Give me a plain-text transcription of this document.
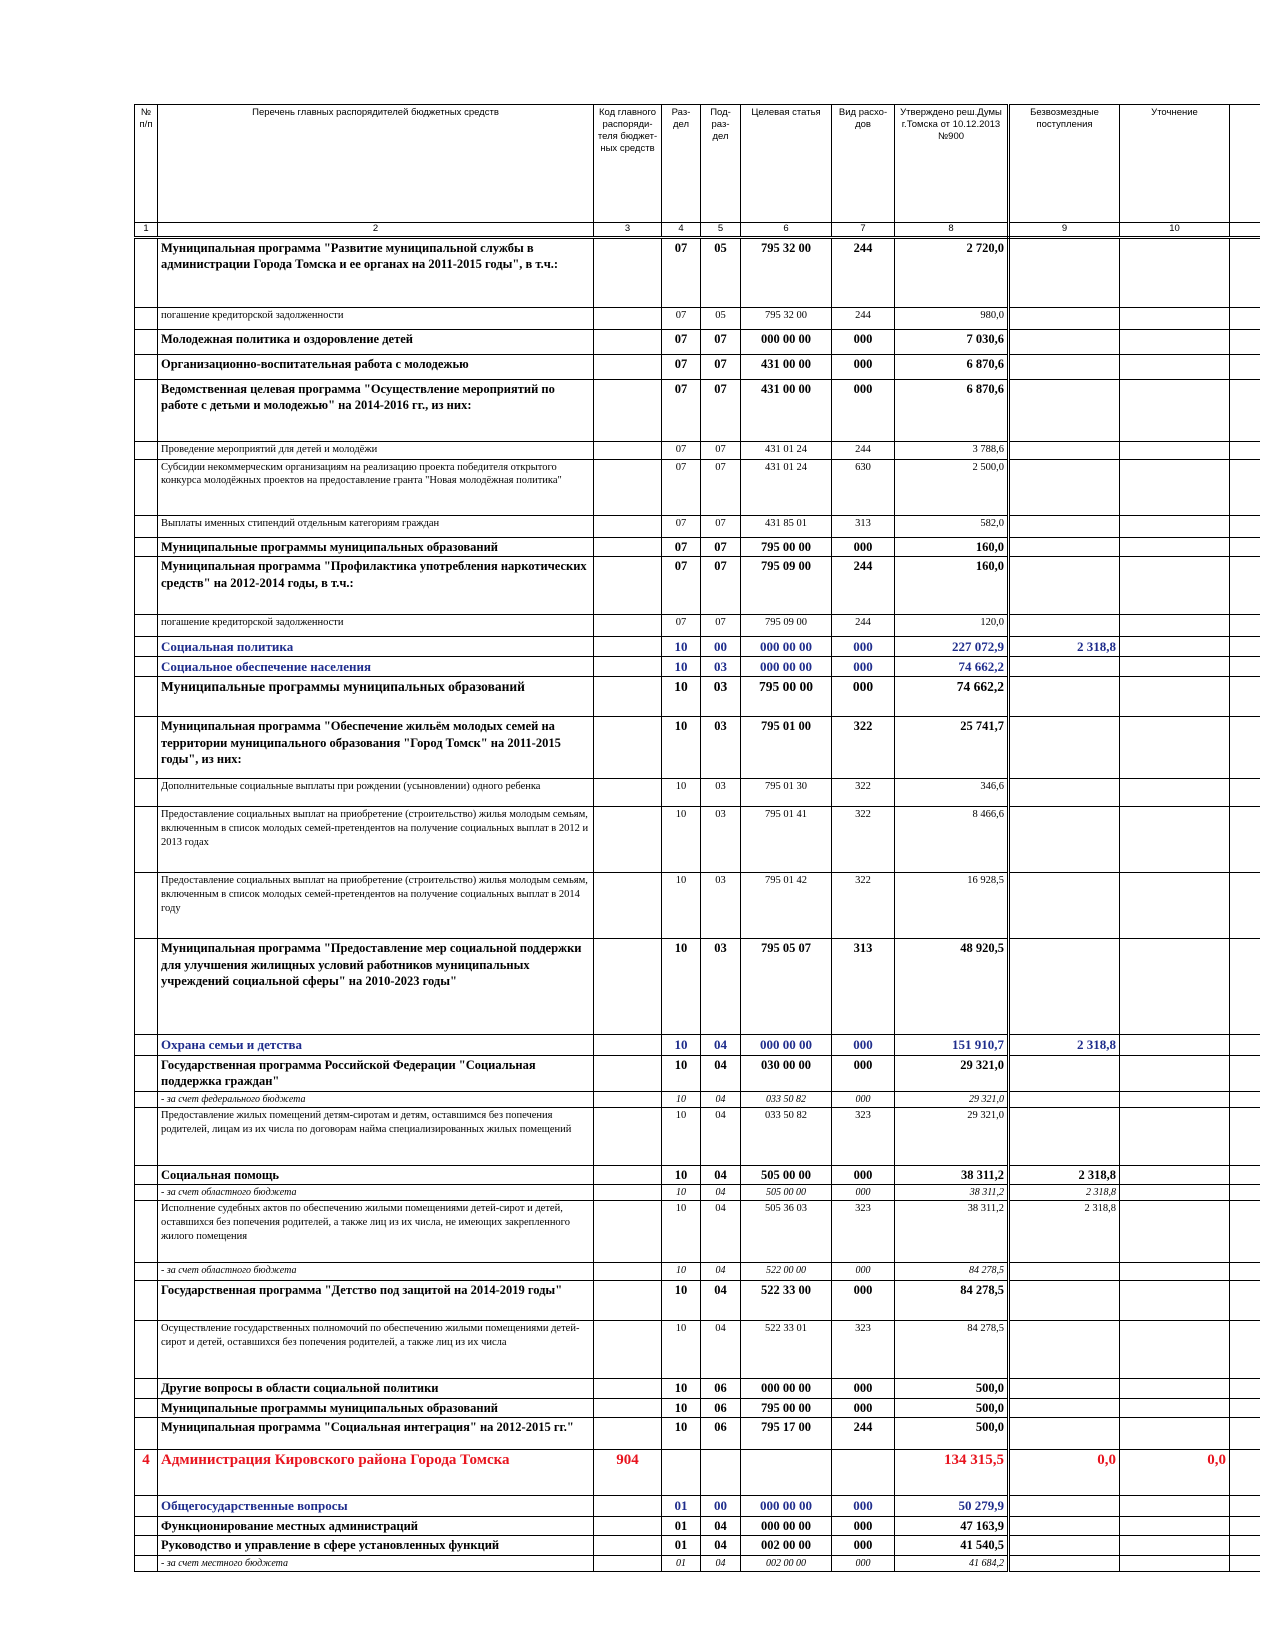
№ п/п	Перечень главных распорядителей бюджетных средств	Код главного распоряди-теля бюджет-ных средств	Раз-дел	Под-раз-дел	Целевая статья	Вид расхо-дов	Утверждено реш.Думы г.Томска от 10.12.2013 №900	Безвозмездные поступления	Уточнение	
1	2	3	4	5	6	7	8	9	10	
	Муниципальная программа "Развитие муниципальной службы в администрации Города Томска и ее органах на 2011-2015 годы", в т.ч.:		07	05	795 32 00	244	2 720,0			
	погашение кредиторской задолженности		07	05	795 32 00	244	980,0			
	Молодежная политика и оздоровление детей		07	07	000 00 00	000	7 030,6			
	Организационно-воспитательная работа с молодежью		07	07	431 00 00	000	6 870,6			
	Ведомственная целевая программа "Осуществление мероприятий по работе с детьми и молодежью" на 2014-2016 гг., из них:		07	07	431 00 00	000	6 870,6			
	Проведение мероприятий для детей и молодёжи		07	07	431 01 24	244	3 788,6			
	Субсидии некоммерческим организациям на реализацию проекта победителя открытого конкурса молодёжных проектов на предоставление гранта "Новая молодёжная политика"		07	07	431 01 24	630	2 500,0			
	Выплаты именных стипендий отдельным категориям граждан		07	07	431 85 01	313	582,0			
	Муниципальные программы муниципальных образований		07	07	795 00 00	000	160,0			
	Муниципальная программа "Профилактика употребления наркотических средств" на 2012-2014 годы, в т.ч.:		07	07	795 09 00	244	160,0			
	погашение кредиторской задолженности		07	07	795 09 00	244	120,0			
	Социальная политика		10	00	000 00 00	000	227 072,9	2 318,8		
	Социальное обеспечение населения		10	03	000 00 00	000	74 662,2			
	Муниципальные программы муниципальных образований		10	03	795 00 00	000	74 662,2			
	Муниципальная программа "Обеспечение жильём молодых семей на территории муниципального образования "Город Томск" на 2011-2015 годы", из них:		10	03	795 01 00	322	25 741,7			
	Дополнительные социальные выплаты при рождении (усыновлении) одного ребенка		10	03	795 01 30	322	346,6			
	Предоставление социальных выплат на приобретение (строительство) жилья молодым семьям, включенным в список молодых семей-претендентов на получение социальных выплат в 2012 и 2013 годах		10	03	795 01 41	322	8 466,6			
	Предоставление социальных выплат на приобретение (строительство) жилья молодым семьям, включенным в список молодых семей-претендентов на получение социальных выплат в 2014 году		10	03	795 01 42	322	16 928,5			
	Муниципальная программа "Предоставление мер социальной поддержки для улучшения жилищных условий работников муниципальных учреждений социальной сферы" на 2010-2023 годы"		10	03	795 05 07	313	48 920,5			
	Охрана семьи и детства		10	04	000 00 00	000	151 910,7	2 318,8		
	Государственная программа Российской Федерации "Социальная поддержка граждан"		10	04	030 00 00	000	29 321,0			
	- за счет федерального бюджета		10	04	033 50 82	000	29 321,0			
	Предоставление жилых помещений детям-сиротам и детям, оставшимся без попечения родителей, лицам из их числа по договорам найма специализированных жилых помещений		10	04	033 50 82	323	29 321,0			
	Социальная помощь		10	04	505 00 00	000	38 311,2	2 318,8		
	- за счет областного бюджета		10	04	505 00 00	000	38 311,2	2 318,8		
	Исполнение судебных актов по обеспечению жилыми помещениями детей-сирот и детей, оставшихся без попечения родителей, а также лиц из их числа, не имеющих закрепленного жилого помещения		10	04	505 36 03	323	38 311,2	2 318,8		
	- за счет областного бюджета		10	04	522 00 00	000	84 278,5			
	Государственная программа "Детство под защитой на 2014-2019 годы"		10	04	522 33 00	000	84 278,5			
	Осуществление государственных полномочий по обеспечению жилыми помещениями детей-сирот и детей, оставшихся без попечения родителей, а также лиц из их числа		10	04	522 33 01	323	84 278,5			
	Другие вопросы в области социальной политики		10	06	000 00 00	000	500,0			
	Муниципальные программы муниципальных образований		10	06	795 00 00	000	500,0			
	Муниципальная программа "Социальная интеграция" на 2012-2015 гг."		10	06	795 17 00	244	500,0			
4	Администрация Кировского района Города Томска	904					134 315,5	0,0	0,0	
	Общегосударственные вопросы		01	00	000 00 00	000	50 279,9			
	Функционирование местных администраций		01	04	000 00 00	000	47 163,9			
	Руководство и управление в сфере установленных функций		01	04	002 00 00	000	41 540,5			
	- за счет местного бюджета		01	04	002 00 00	000	41 684,2			
